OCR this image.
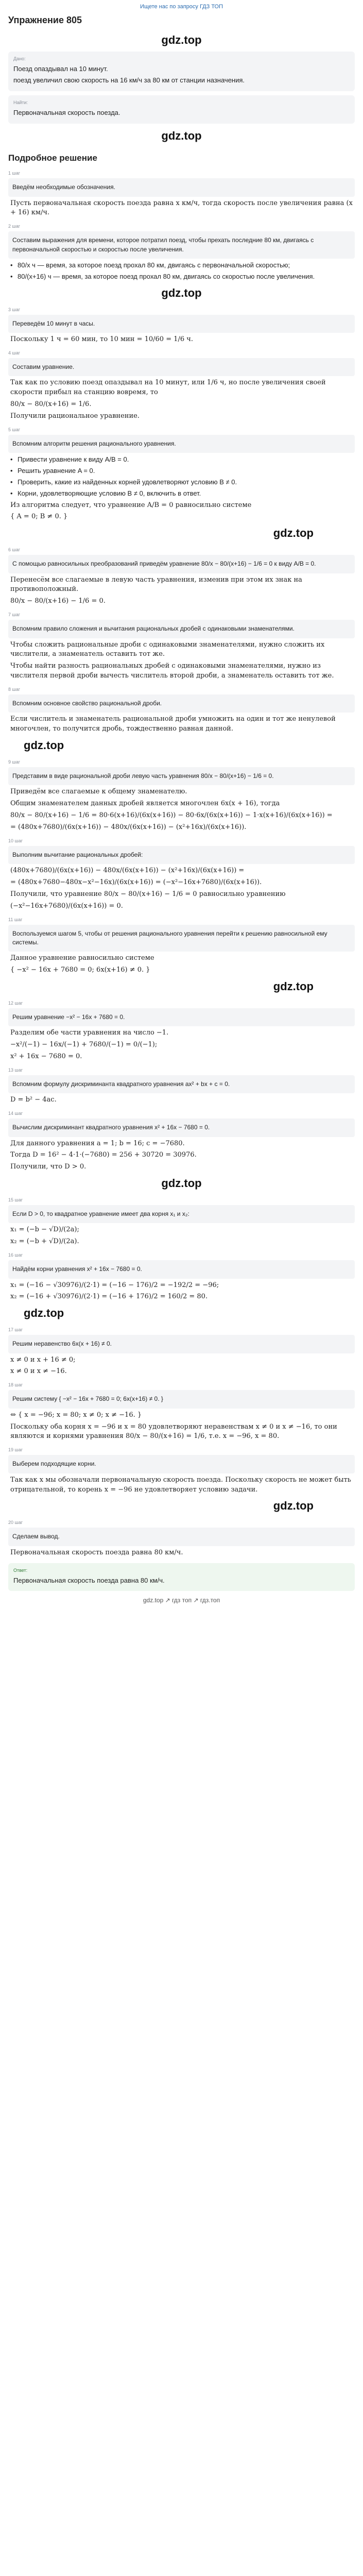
Ищете нас по запросу ГДЗ ТОП
Упражнение 805
gdz.top
Дано:
Поезд опаздывал на 10 минут.
поезд увеличил свою скорость на 16 км/ч за 80 км от станции назначения.
Найти:
Первоначальная скорость поезда.
gdz.top
Подробное решение
1 шаг
Введём необходимые обозначения.
Пусть первоначальная скорость поезда равна x км/ч, тогда скорость после увеличения равна (x + 16) км/ч.
2 шаг
Составим выражения для времени, которое потратил поезд, чтобы прехать последние 80 км, двигаясь с первоначальной скоростью и скоростью после увеличения.
• 80/x ч — время, за которое поезд прохал 80 км, двигаясь с первоначальной скоростью;
• 80/(x+16) ч — время, за которое поезд прохал 80 км, двигаясь со скоростью после увеличения.
gdz.top
3 шаг
Переведём 10 минут в часы.
Поскольку 1 ч = 60 мин, то 10 мин = 10/60 = 1/6 ч.
4 шаг
Составим уравнение.
Так как по условию поезд опаздывал на 10 минут, или 1/6 ч, но после увеличения своей скорости прибыл на станцию вовремя, то
80/x − 80/(x+16) = 1/6.
Получили рациональное уравнение.
5 шаг
Вспомним алгоритм решения рационального уравнения.
• Привести уравнение к виду A/B = 0.
• Решить уравнение A = 0.
• Проверить, какие из найденных корней удовлетворяют условию B ≠ 0.
• Корни, удовлетворяющие условию B ≠ 0, включить в ответ.
Из алгоритма следует, что уравнение A/B = 0 равносильно системе
{ A = 0; B ≠ 0. }
gdz.top
6 шаг
С помощью равносильных преобразований приведём уравнение 80/x − 80/(x+16) − 1/6 = 0 к виду A/B = 0.
Перенесём все слагаемые в левую часть уравнения, изменив при этом их знак на противоположный.
80/x − 80/(x+16) − 1/6 = 0.
7 шаг
Вспомним правило сложения и вычитания рациональных дробей с одинаковыми знаменателями.
Чтобы сложить рациональные дроби с одинаковыми знаменателями, нужно сложить их числители, а знаменатель оставить тот же.
Чтобы найти разность рациональных дробей с одинаковыми знаменателями, нужно из числителя первой дроби вычесть числитель второй дроби, а знаменатель оставить тот же.
8 шаг
Вспомним основное свойство рациональной дроби.
Если числитель и знаменатель рациональной дроби умножить на один и тот же ненулевой многочлен, то получится дробь, тождественно равная данной.
gdz.top
9 шаг
Представим в виде рациональной дроби левую часть уравнения 80/x − 80/(x+16) − 1/6 = 0.
Приведём все слагаемые к общему знаменателю.
Общим знаменателем данных дробей является многочлен 6x(x + 16), тогда
80/x − 80/(x+16) − 1/6 = 80·6(x+16)/(6x(x+16)) − 80·6x/(6x(x+16)) − 1·x(x+16)/(6x(x+16)) =
= (480x+7680)/(6x(x+16)) − 480x/(6x(x+16)) − (x²+16x)/(6x(x+16)).
10 шаг
Выполним вычитание рациональных дробей:
(480x+7680)/(6x(x+16)) − 480x/(6x(x+16)) − (x²+16x)/(6x(x+16)) =
= (480x+7680−480x−x²−16x)/(6x(x+16)) = (−x²−16x+7680)/(6x(x+16)).
Получили, что уравнение 80/x − 80/(x+16) − 1/6 = 0 равносильно уравнению
(−x²−16x+7680)/(6x(x+16)) = 0.
11 шаг
Воспользуемся шагом 5, чтобы от решения рационального уравнения перейти к решению равносильной ему системы.
Данное уравнение равносильно системе
{ −x² − 16x + 7680 = 0; 6x(x+16) ≠ 0. }
gdz.top
12 шаг
Решим уравнение −x² − 16x + 7680 = 0.
Разделим обе части уравнения на число −1.
−x²/(−1) − 16x/(−1) + 7680/(−1) = 0/(−1);
x² + 16x − 7680 = 0.
13 шаг
Вспомним формулу дискриминанта квадратного уравнения ax² + bx + c = 0.
D = b² − 4ac.
14 шаг
Вычислим дискриминант квадратного уравнения x² + 16x − 7680 = 0.
Для данного уравнения a = 1; b = 16; c = −7680.
Тогда D = 16² − 4·1·(−7680) = 256 + 30720 = 30976.
Получили, что D > 0.
gdz.top
15 шаг
Если D > 0, то квадратное уравнение имеет два корня x₁ и x₂:
x₁ = (−b − √D)/(2a);
x₂ = (−b + √D)/(2a).
16 шаг
Найдём корни уравнения x² + 16x − 7680 = 0.
x₁ = (−16 − √30976)/(2·1) = (−16 − 176)/2 = −192/2 = −96;
x₂ = (−16 + √30976)/(2·1) = (−16 + 176)/2 = 160/2 = 80.
gdz.top
17 шаг
Решим неравенство 6x(x + 16) ≠ 0.
x ≠ 0 и x + 16 ≠ 0;
x ≠ 0 и x ≠ −16.
18 шаг
Решим систему { −x² − 16x + 7680 = 0; 6x(x+16) ≠ 0. }
⇔ { x = −96; x = 80; x ≠ 0; x ≠ −16. }
Поскольку оба корня x = −96 и x = 80 удовлетворяют неравенствам x ≠ 0 и x ≠ −16, то они являются и корнями уравнения 80/x − 80/(x+16) = 1/6, т.е. x = −96, x = 80.
19 шаг
Выберем подходящие корни.
Так как x мы обозначали первоначальную скорость поезда. Поскольку скорость не может быть отрицательной, то корень x = −96 не удовлетворяет условию задачи.
gdz.top
20 шаг
Сделаем вывод.
Первоначальная скорость поезда равна 80 км/ч.
Ответ:
Первоначальная скорость поезда равна 80 км/ч.
gdz.top ↗ гдз топ ↗ гдз.топ
